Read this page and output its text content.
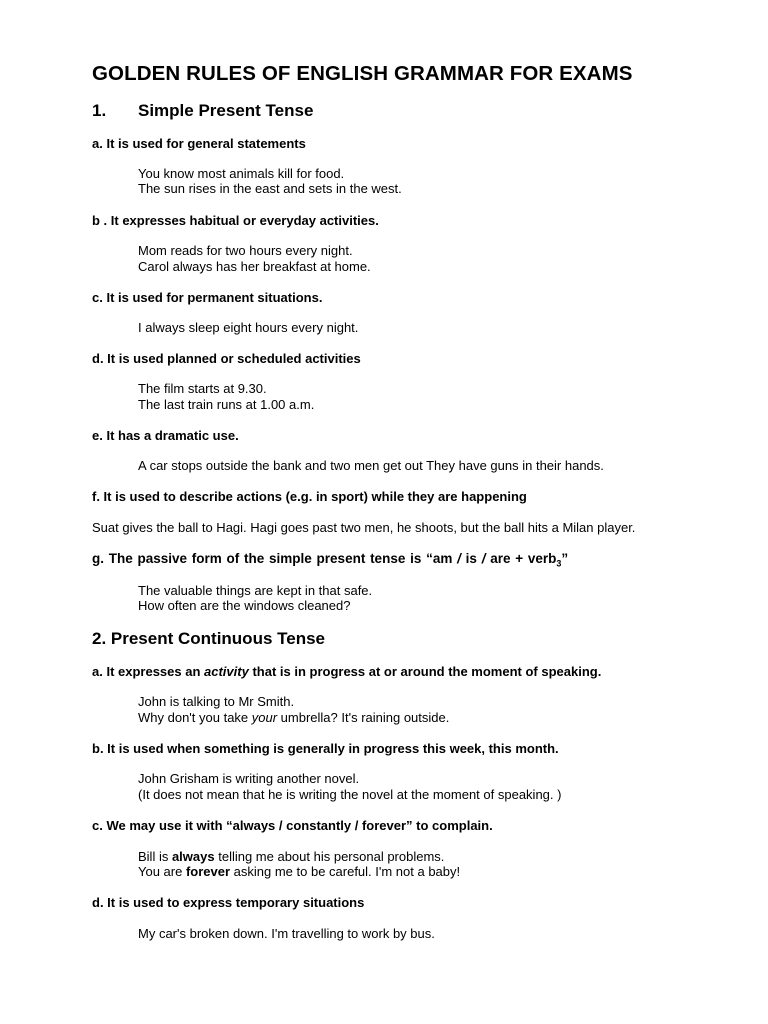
GOLDEN RULES OF ENGLISH GRAMMAR FOR EXAMS
1. Simple Present Tense
a. It is used for general statements
You know most animals kill for food.
The sun rises in the east and sets in the west.
b . It expresses habitual or everyday activities.
Mom reads for two hours every night.
Carol always has her breakfast at home.
c. It is used for permanent situations.
I always sleep eight hours every night.
d. It is used planned or scheduled activities
The film starts at 9.30.
The last train runs at 1.00 a.m.
e. It has a dramatic use.
A car stops outside the bank and two men get out They have guns in their hands.
f. It is used to describe actions (e.g. in sport) while they are happening
Suat gives the ball to Hagi. Hagi goes past two men, he shoots, but the ball hits a Milan player.
g. The passive form of the simple present tense is “am / is / are + verb$_3$”
The valuable things are kept in that safe.
How often are the windows cleaned?
2. Present Continuous Tense
a. It expresses an activity that is in progress at or around the moment of speaking.
John is talking to Mr Smith.
Why don't you take your umbrella? It's raining outside.
b. It is used when something is generally in progress this week, this month.
John Grisham is writing another novel.
(It does not mean that he is writing the novel at the moment of speaking. )
c. We may use it with “always / constantly / forever” to complain.
Bill is always telling me about his personal problems.
You are forever asking me to be careful. I'm not a baby!
d. It is used to express temporary situations
My car's broken down. I'm travelling to work by bus.
